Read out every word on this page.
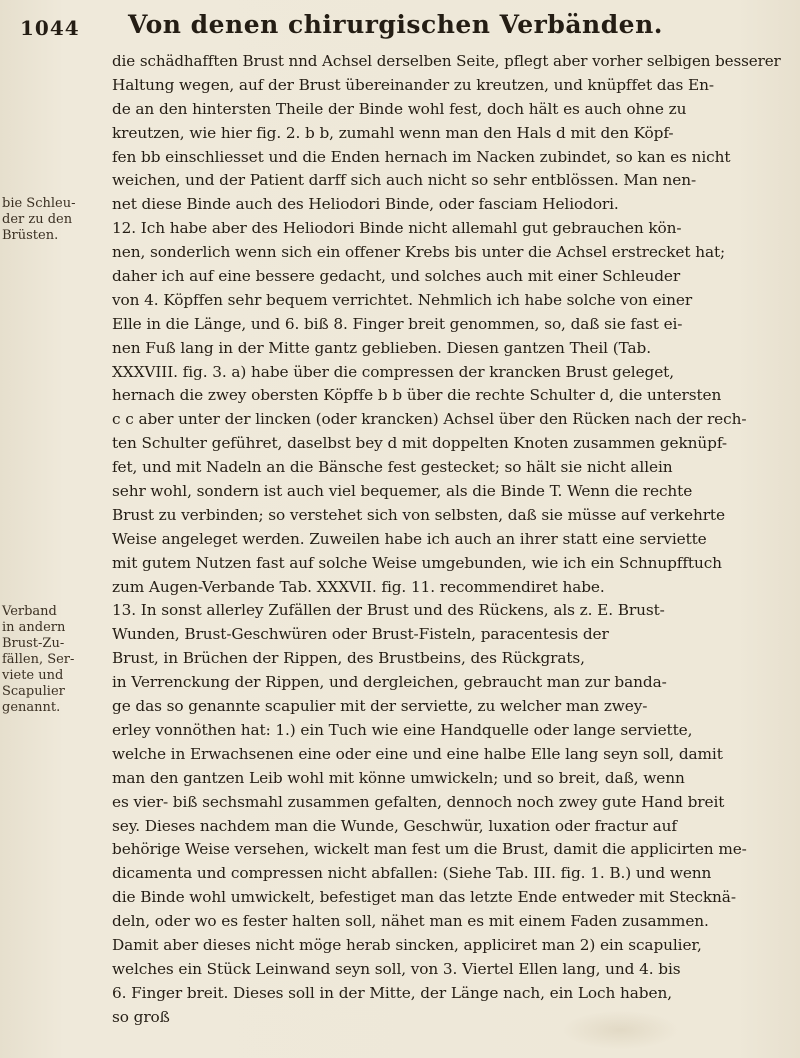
1044 Von denen chirurgischen Verbänden.
bie Schleu-
der zu den
Brüsten.
Verband
in andern
Brust-Zu-
fällen, Ser-
viete und
Scapulier
genannt.
die schädhafften Brust nnd Achsel derselben Seite, pflegt aber vorher selbigen besserer
Haltung wegen, auf der Brust übereinander zu kreutzen, und knüpffet das En-
de an den hintersten Theile der Binde wohl fest, doch hält es auch ohne zu
kreutzen, wie hier fig. 2. b b, zumahl wenn man den Hals d mit den Köpf-
fen bb einschliesset und die Enden hernach im Nacken zubindet, so kan es nicht
weichen, und der Patient darff sich auch nicht so sehr entblössen. Man nen-
net diese Binde auch des Heliodori Binde, oder fasciam Heliodori.
12. Ich habe aber des Heliodori Binde nicht allemahl gut gebrauchen kön-
nen, sonderlich wenn sich ein offener Krebs bis unter die Achsel erstrecket hat;
daher ich auf eine bessere gedacht, und solches auch mit einer Schleuder
von 4. Köpffen sehr bequem verrichtet. Nehmlich ich habe solche von einer
Elle in die Länge, und 6. biß 8. Finger breit genommen, so, daß sie fast ei-
nen Fuß lang in der Mitte gantz geblieben. Diesen gantzen Theil (Tab.
XXXVIII. fig. 3. a) habe über die compressen der krancken Brust geleget,
hernach die zwey obersten Köpffe b b über die rechte Schulter d, die untersten
c c aber unter der lincken (oder krancken) Achsel über den Rücken nach der rech-
ten Schulter geführet, daselbst bey d mit doppelten Knoten zusammen geknüpf-
fet, und mit Nadeln an die Bänsche fest gestecket; so hält sie nicht allein
sehr wohl, sondern ist auch viel bequemer, als die Binde T. Wenn die rechte
Brust zu verbinden; so verstehet sich von selbsten, daß sie müsse auf verkehrte
Weise angeleget werden. Zuweilen habe ich auch an ihrer statt eine serviette
mit gutem Nutzen fast auf solche Weise umgebunden, wie ich ein Schnupfftuch
zum Augen-Verbande Tab. XXXVII. fig. 11. recommendiret habe.
13. In sonst allerley Zufällen der Brust und des Rückens, als z. E. Brust-
Wunden, Brust-Geschwüren oder Brust-Fisteln, paracentesis der
Brust, in Brüchen der Rippen, des Brustbeins, des Rückgrats,
in Verrenckung der Rippen, und dergleichen, gebraucht man zur banda-
ge das so genannte scapulier mit der serviette, zu welcher man zwey-
erley vonnöthen hat: 1.) ein Tuch wie eine Handquelle oder lange serviette,
welche in Erwachsenen eine oder eine und eine halbe Elle lang seyn soll, damit
man den gantzen Leib wohl mit könne umwickeln; und so breit, daß, wenn
es vier- biß sechsmahl zusammen gefalten, dennoch noch zwey gute Hand breit
sey. Dieses nachdem man die Wunde, Geschwür, luxation oder fractur auf
behörige Weise versehen, wickelt man fest um die Brust, damit die applicirten me-
dicamenta und compressen nicht abfallen: (Siehe Tab. III. fig. 1. B.) und wenn
die Binde wohl umwickelt, befestiget man das letzte Ende entweder mit Stecknä-
deln, oder wo es fester halten soll, nähet man es mit einem Faden zusammen.
Damit aber dieses nicht möge herab sincken, appliciret man 2) ein scapulier,
welches ein Stück Leinwand seyn soll, von 3. Viertel Ellen lang, und 4. bis
6. Finger breit. Dieses soll in der Mitte, der Länge nach, ein Loch haben,
so groß
